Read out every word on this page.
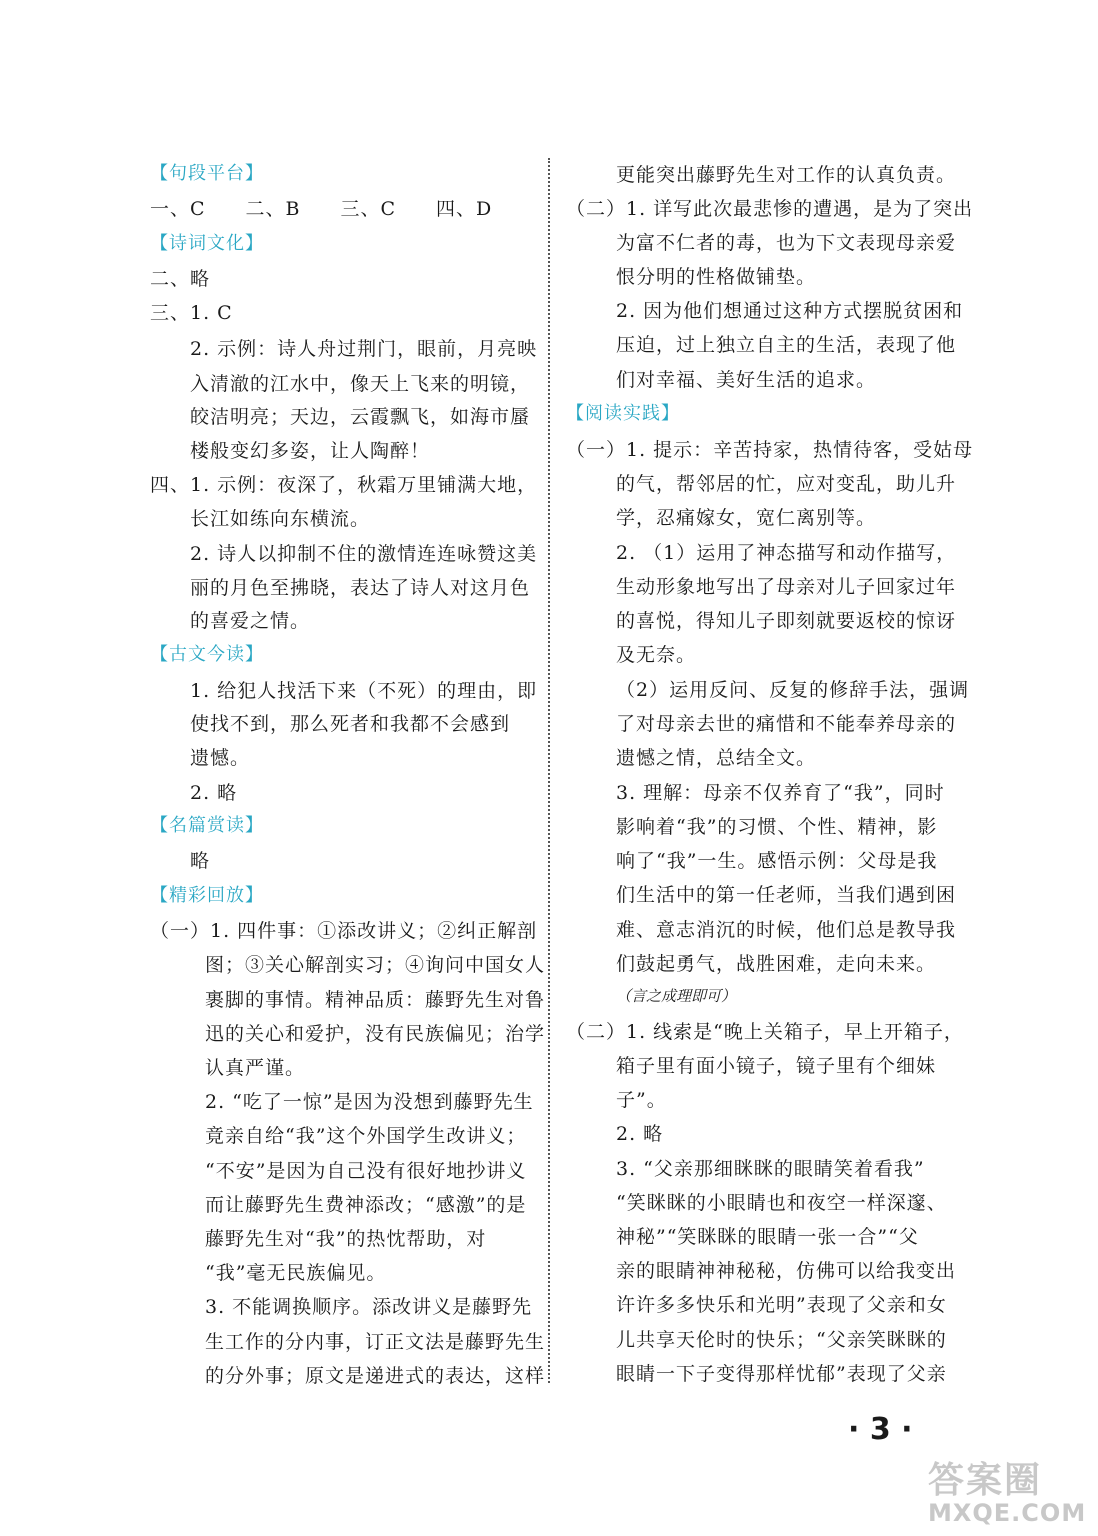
【句段平台】
一、C　　二、B　　三、C　　四、D
【诗词文化】
二、略
三、1. C
2. 示例：诗人舟过荆门，眼前，月亮映
入清澈的江水中，像天上飞来的明镜，
皎洁明亮；天边，云霞飘飞，如海市蜃
楼般变幻多姿，让人陶醉！
四、1. 示例：夜深了，秋霜万里铺满大地，
长江如练向东横流。
2. 诗人以抑制不住的激情连连咏赞这美
丽的月色至拂晓，表达了诗人对这月色
的喜爱之情。
【古文今读】
1. 给犯人找活下来（不死）的理由，即
使找不到，那么死者和我都不会感到
遗憾。
2. 略
【名篇赏读】
略
【精彩回放】
（一）1. 四件事：①添改讲义；②纠正解剖
图；③关心解剖实习；④询问中国女人
裹脚的事情。精神品质：藤野先生对鲁
迅的关心和爱护，没有民族偏见；治学
认真严谨。
2. “吃了一惊”是因为没想到藤野先生
竟亲自给“我”这个外国学生改讲义；
“不安”是因为自己没有很好地抄讲义
而让藤野先生费神添改；“感激”的是
藤野先生对“我”的热忱帮助，对
“我”毫无民族偏见。
3. 不能调换顺序。添改讲义是藤野先
生工作的分内事，订正文法是藤野先生
的分外事；原文是递进式的表达，这样
更能突出藤野先生对工作的认真负责。
（二）1. 详写此次最悲惨的遭遇，是为了突出
为富不仁者的毒，也为下文表现母亲爱
恨分明的性格做铺垫。
2. 因为他们想通过这种方式摆脱贫困和
压迫，过上独立自主的生活，表现了他
们对幸福、美好生活的追求。
【阅读实践】
（一）1. 提示：辛苦持家，热情待客，受姑母
的气，帮邻居的忙，应对变乱，助儿升
学，忍痛嫁女，宽仁离别等。
2. （1）运用了神态描写和动作描写，
生动形象地写出了母亲对儿子回家过年
的喜悦，得知儿子即刻就要返校的惊讶
及无奈。
（2）运用反问、反复的修辞手法，强调
了对母亲去世的痛惜和不能奉养母亲的
遗憾之情，总结全文。
3. 理解：母亲不仅养育了“我”，同时
影响着“我”的习惯、个性、精神，影
响了“我”一生。感悟示例：父母是我
们生活中的第一任老师，当我们遇到困
难、意志消沉的时候，他们总是教导我
们鼓起勇气，战胜困难，走向未来。
（言之成理即可）
（二）1. 线索是“晚上关箱子，早上开箱子，
箱子里有面小镜子，镜子里有个细妹
子”。
2. 略
3. “父亲那细眯眯的眼睛笑着看我”
“笑眯眯的小眼睛也和夜空一样深邃、
神秘”“笑眯眯的眼睛一张一合”“父
亲的眼睛神神秘秘，仿佛可以给我变出
许许多多快乐和光明”表现了父亲和女
儿共享天伦时的快乐；“父亲笑眯眯的
眼睛一下子变得那样忧郁”表现了父亲
· 3 ·
答案圈
MXQE.COM
